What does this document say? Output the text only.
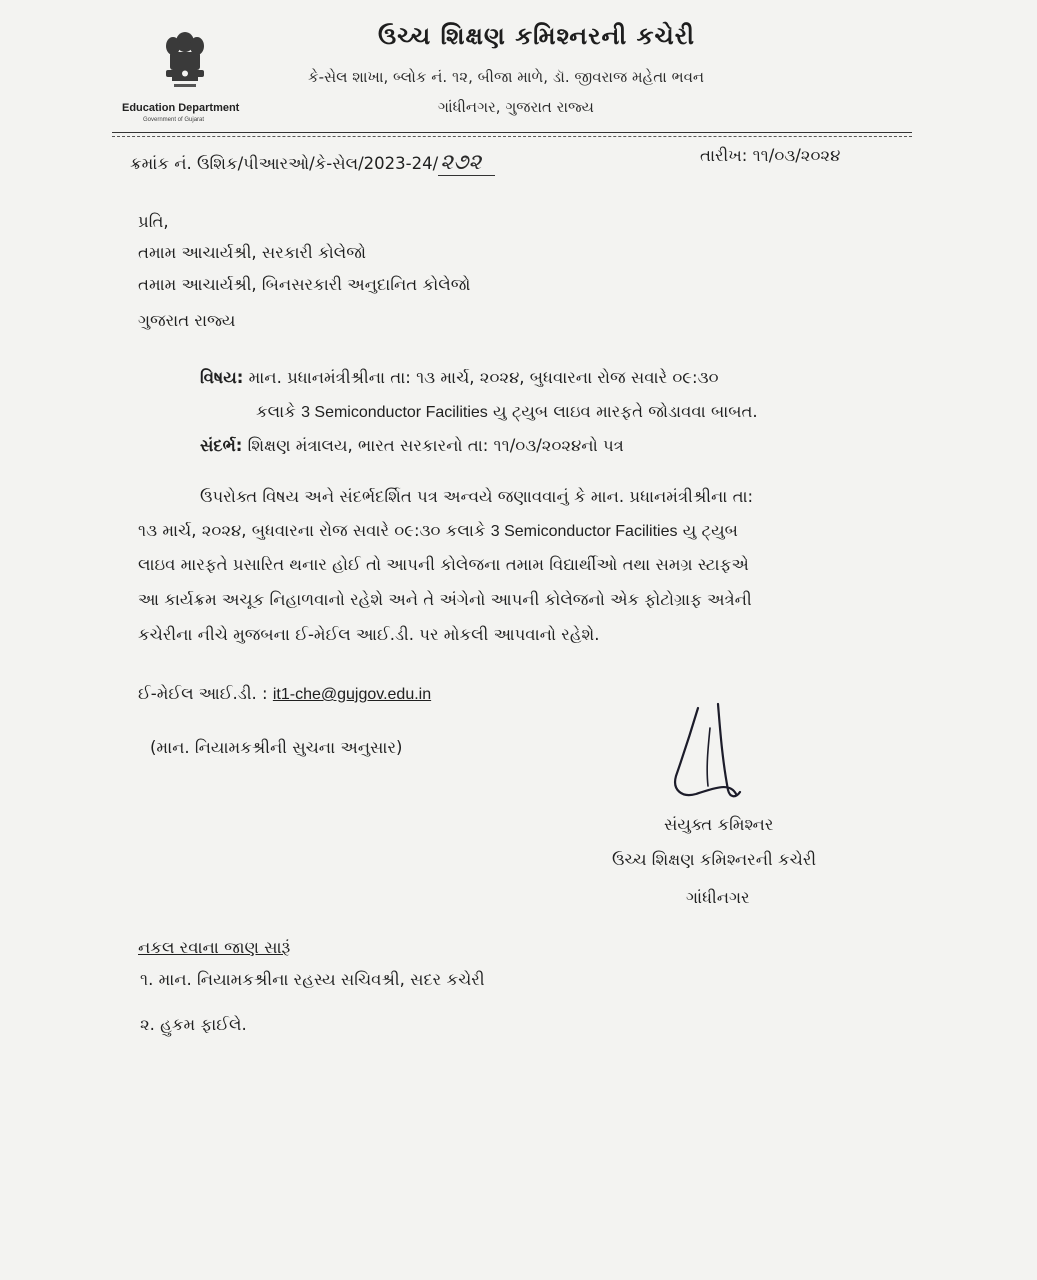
Education Department
Government of Gujarat
ઉચ્ચ શિક્ષણ કમિશ્નરની કચેરી
કે-સેલ શાખા, બ્લોક નં. ૧૨, બીજા માળે, ડૉ. જીવરાજ મહેતા ભવન
ગાંધીનગર, ગુજરાત રાજ્ય
ક્રમાંક નં. ઉશિક/પીઆરઓ/કે-સેલ/2023-24/૨૭૨	તારીખ: ૧૧/૦૩/૨૦૨૪
પ્રતિ,
તમામ આચાર્યશ્રી, સરકારી કોલેજો
તમામ આચાર્યશ્રી, બિનસરકારી અનુદાનિત કોલેજો
ગુજરાત રાજ્ય
વિષય: માન. પ્રધાનમંત્રીશ્રીના તા: ૧૩ માર્ચ, ૨૦૨૪, બુધવારના રોજ સવારે ૦૯:૩૦
કલાકે 3 Semiconductor Facilities યુ ટ્યુબ લાઇવ મારફતે જોડાવવા બાબત.
સંદર્ભ: શિક્ષણ મંત્રાલય, ભારત સરકારનો તા: ૧૧/૦૩/૨૦૨૪નો પત્ર
ઉપરોક્ત વિષય અને સંદર્ભદર્શિત પત્ર અન્વયે જણાવવાનું કે માન. પ્રધાનમંત્રીશ્રીના તા:
૧૩ માર્ચ, ૨૦૨૪, બુધવારના રોજ સવારે ૦૯:૩૦ કલાકે 3 Semiconductor Facilities યુ ટ્યુબ
લાઇવ મારફતે પ્રસારિત થનાર હોઈ તો આપની કોલેજના તમામ વિદ્યાર્થીઓ તથા સમગ્ર સ્ટાફએ
આ કાર્યક્રમ અચૂક નિહાળવાનો રહેશે અને તે અંગેનો આપની કોલેજનો એક ફોટોગ્રાફ અત્રેની
કચેરીના નીચે મુજબના ઈ-મેઈલ આઈ.ડી. પર મોકલી આપવાનો રહેશે.
ઈ-મેઈલ આઈ.ડી. : it1-che@gujgov.edu.in
(માન. નિયામકશ્રીની સુચના અનુસાર)
સંયુક્ત કમિશ્નર
ઉચ્ચ શિક્ષણ કમિશ્નરની કચેરી
ગાંધીનગર
નકલ રવાના જાણ સારૂં
૧. માન. નિયામકશ્રીના રહસ્ય સચિવશ્રી, સદર કચેરી
૨. હુકમ ફાઈલે.
